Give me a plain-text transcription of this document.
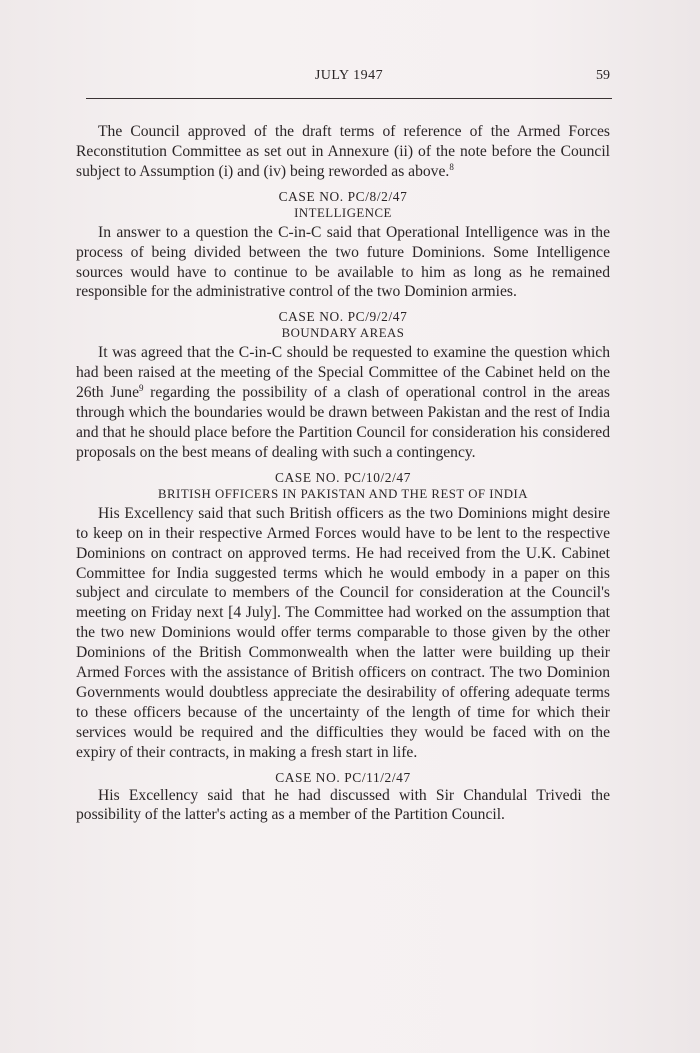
JULY 1947	59

The Council approved of the draft terms of reference of the Armed Forces Reconstitution Committee as set out in Annexure (ii) of the note before the Council subject to Assumption (i) and (iv) being reworded as above.$^8$

CASE NO. PC/8/2/47
INTELLIGENCE

In answer to a question the C-in-C said that Operational Intelligence was in the process of being divided between the two future Dominions. Some Intelligence sources would have to continue to be available to him as long as he remained responsible for the administrative control of the two Dominion armies.

CASE NO. PC/9/2/47
BOUNDARY AREAS

It was agreed that the C-in-C should be requested to examine the question which had been raised at the meeting of the Special Committee of the Cabinet held on the 26th June$^9$ regarding the possibility of a clash of operational control in the areas through which the boundaries would be drawn between Pakistan and the rest of India and that he should place before the Partition Council for consideration his considered proposals on the best means of dealing with such a contingency.

CASE NO. PC/10/2/47
BRITISH OFFICERS IN PAKISTAN AND THE REST OF INDIA

His Excellency said that such British officers as the two Dominions might desire to keep on in their respective Armed Forces would have to be lent to the respective Dominions on contract on approved terms. He had received from the U.K. Cabinet Committee for India suggested terms which he would embody in a paper on this subject and circulate to members of the Council for consideration at the Council's meeting on Friday next [4 July]. The Committee had worked on the assumption that the two new Dominions would offer terms comparable to those given by the other Dominions of the British Commonwealth when the latter were building up their Armed Forces with the assistance of British officers on contract. The two Dominion Governments would doubtless appreciate the desirability of offering adequate terms to these officers because of the uncertainty of the length of time for which their services would be required and the difficulties they would be faced with on the expiry of their contracts, in making a fresh start in life.

CASE NO. PC/11/2/47

His Excellency said that he had discussed with Sir Chandulal Trivedi the possibility of the latter's acting as a member of the Partition Council.
